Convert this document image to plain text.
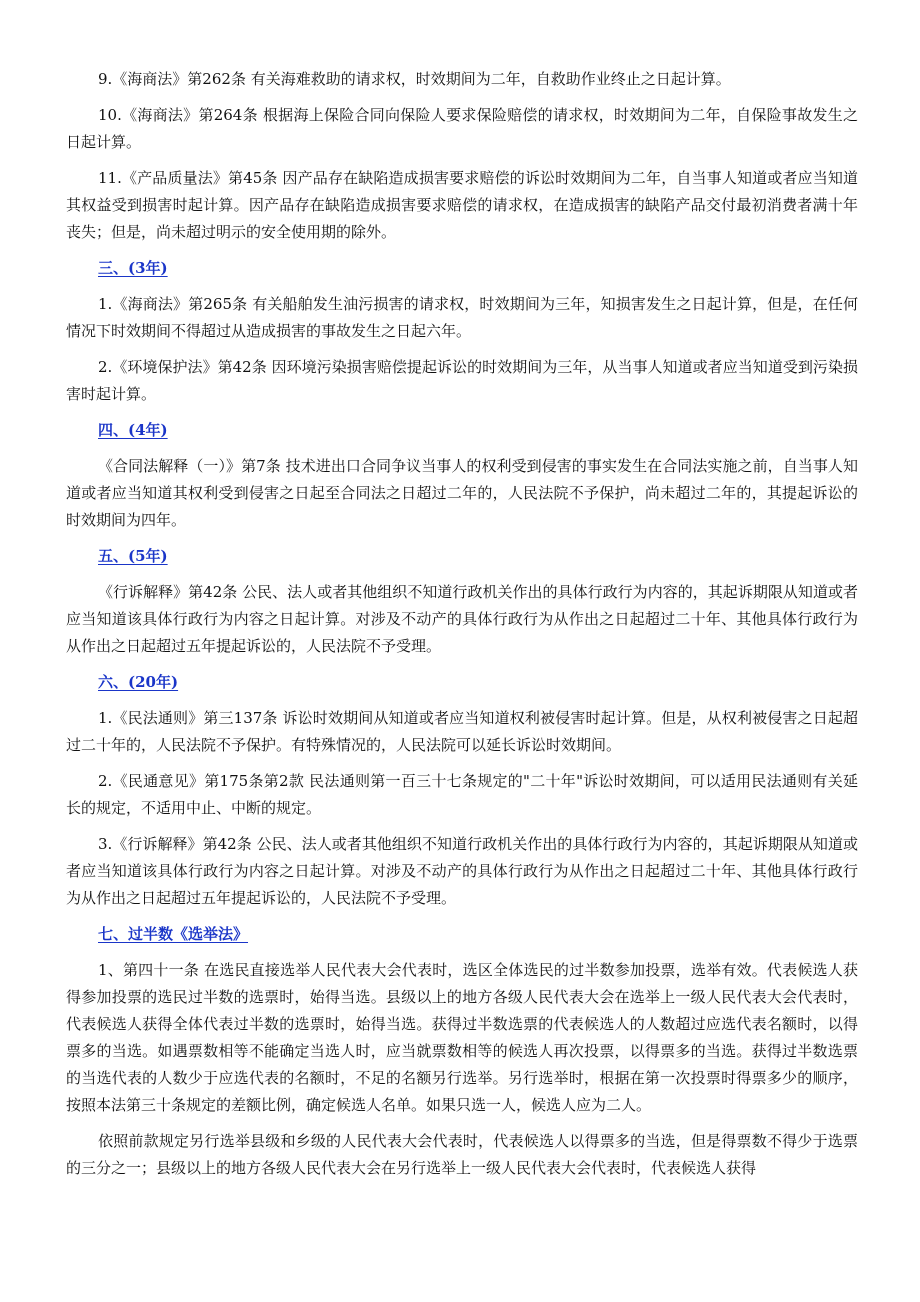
9.《海商法》第262条 有关海难救助的请求权，时效期间为二年，自救助作业终止之日起计算。

10.《海商法》第264条 根据海上保险合同向保险人要求保险赔偿的请求权，时效期间为二年，自保险事故发生之日起计算。

11.《产品质量法》第45条 因产品存在缺陷造成损害要求赔偿的诉讼时效期间为二年，自当事人知道或者应当知道其权益受到损害时起计算。因产品存在缺陷造成损害要求赔偿的请求权，在造成损害的缺陷产品交付最初消费者满十年丧失；但是，尚未超过明示的安全使用期的除外。

三、(3年)

1.《海商法》第265条 有关船舶发生油污损害的请求权，时效期间为三年，知损害发生之日起计算，但是，在任何情况下时效期间不得超过从造成损害的事故发生之日起六年。

2.《环境保护法》第42条 因环境污染损害赔偿提起诉讼的时效期间为三年，从当事人知道或者应当知道受到污染损害时起计算。

四、(4年)

《合同法解释（一）》第7条 技术进出口合同争议当事人的权利受到侵害的事实发生在合同法实施之前，自当事人知道或者应当知道其权利受到侵害之日起至合同法之日超过二年的，人民法院不予保护，尚未超过二年的，其提起诉讼的时效期间为四年。

五、(5年)

《行诉解释》第42条 公民、法人或者其他组织不知道行政机关作出的具体行政行为内容的，其起诉期限从知道或者应当知道该具体行政行为内容之日起计算。对涉及不动产的具体行政行为从作出之日起超过二十年、其他具体行政行为从作出之日起超过五年提起诉讼的，人民法院不予受理。

六、(20年)

1.《民法通则》第三137条 诉讼时效期间从知道或者应当知道权利被侵害时起计算。但是，从权利被侵害之日起超过二十年的，人民法院不予保护。有特殊情况的，人民法院可以延长诉讼时效期间。

2.《民通意见》第175条第2款 民法通则第一百三十七条规定的"二十年"诉讼时效期间，可以适用民法通则有关延长的规定，不适用中止、中断的规定。

3.《行诉解释》第42条 公民、法人或者其他组织不知道行政机关作出的具体行政行为内容的，其起诉期限从知道或者应当知道该具体行政行为内容之日起计算。对涉及不动产的具体行政行为从作出之日起超过二十年、其他具体行政行为从作出之日起超过五年提起诉讼的，人民法院不予受理。

七、过半数《选举法》

1、第四十一条 在选民直接选举人民代表大会代表时，选区全体选民的过半数参加投票，选举有效。代表候选人获得参加投票的选民过半数的选票时，始得当选。县级以上的地方各级人民代表大会在选举上一级人民代表大会代表时，代表候选人获得全体代表过半数的选票时，始得当选。获得过半数选票的代表候选人的人数超过应选代表名额时，以得票多的当选。如遇票数相等不能确定当选人时，应当就票数相等的候选人再次投票，以得票多的当选。获得过半数选票的当选代表的人数少于应选代表的名额时，不足的名额另行选举。另行选举时，根据在第一次投票时得票多少的顺序，按照本法第三十条规定的差额比例，确定候选人名单。如果只选一人，候选人应为二人。

依照前款规定另行选举县级和乡级的人民代表大会代表时，代表候选人以得票多的当选，但是得票数不得少于选票的三分之一；县级以上的地方各级人民代表大会在另行选举上一级人民代表大会代表时，代表候选人获得
